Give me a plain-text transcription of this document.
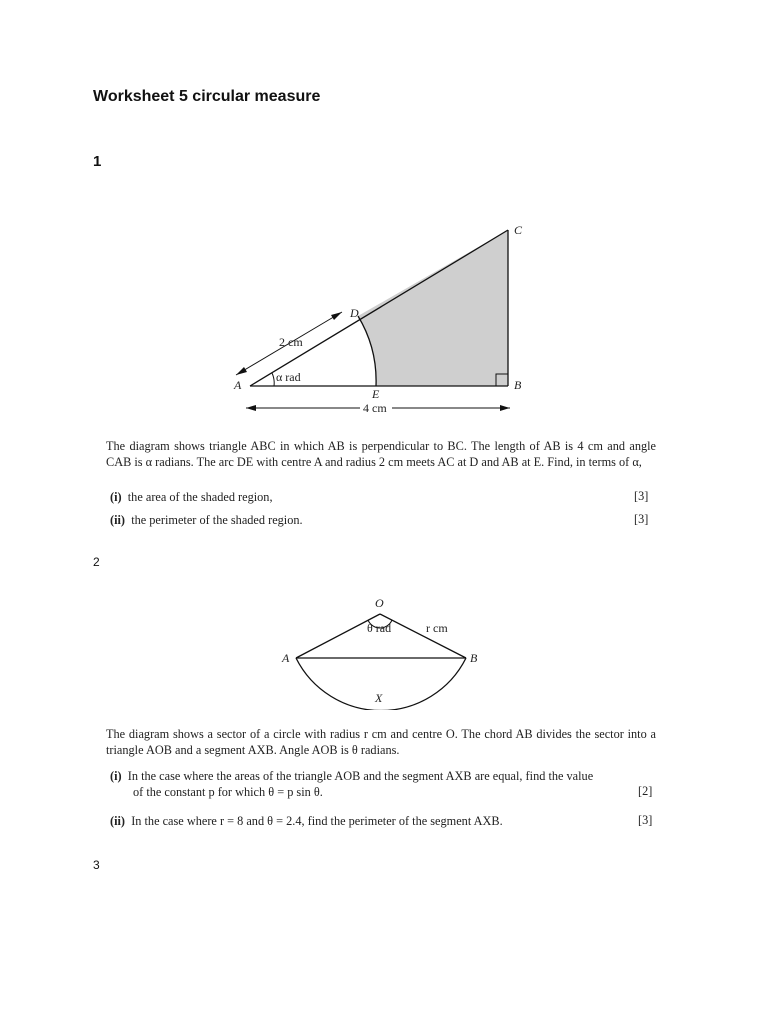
Worksheet 5 circular measure
1
C
D
A
E
B
2 cm
α rad
4 cm
The diagram shows triangle ABC in which AB is perpendicular to BC. The length of AB is 4 cm and angle CAB is α radians. The arc DE with centre A and radius 2 cm meets AC at D and AB at E. Find, in terms of α,
(i) the area of the shaded region,	[3]
(ii) the perimeter of the shaded region.	[3]
2
O
θ rad	r cm
A	B
X
The diagram shows a sector of a circle with radius r cm and centre O. The chord AB divides the sector into a triangle AOB and a segment AXB. Angle AOB is θ radians.
(i) In the case where the areas of the triangle AOB and the segment AXB are equal, find the value
of the constant p for which θ = p sin θ.	[2]
(ii) In the case where r = 8 and θ = 2.4, find the perimeter of the segment AXB.	[3]
3
